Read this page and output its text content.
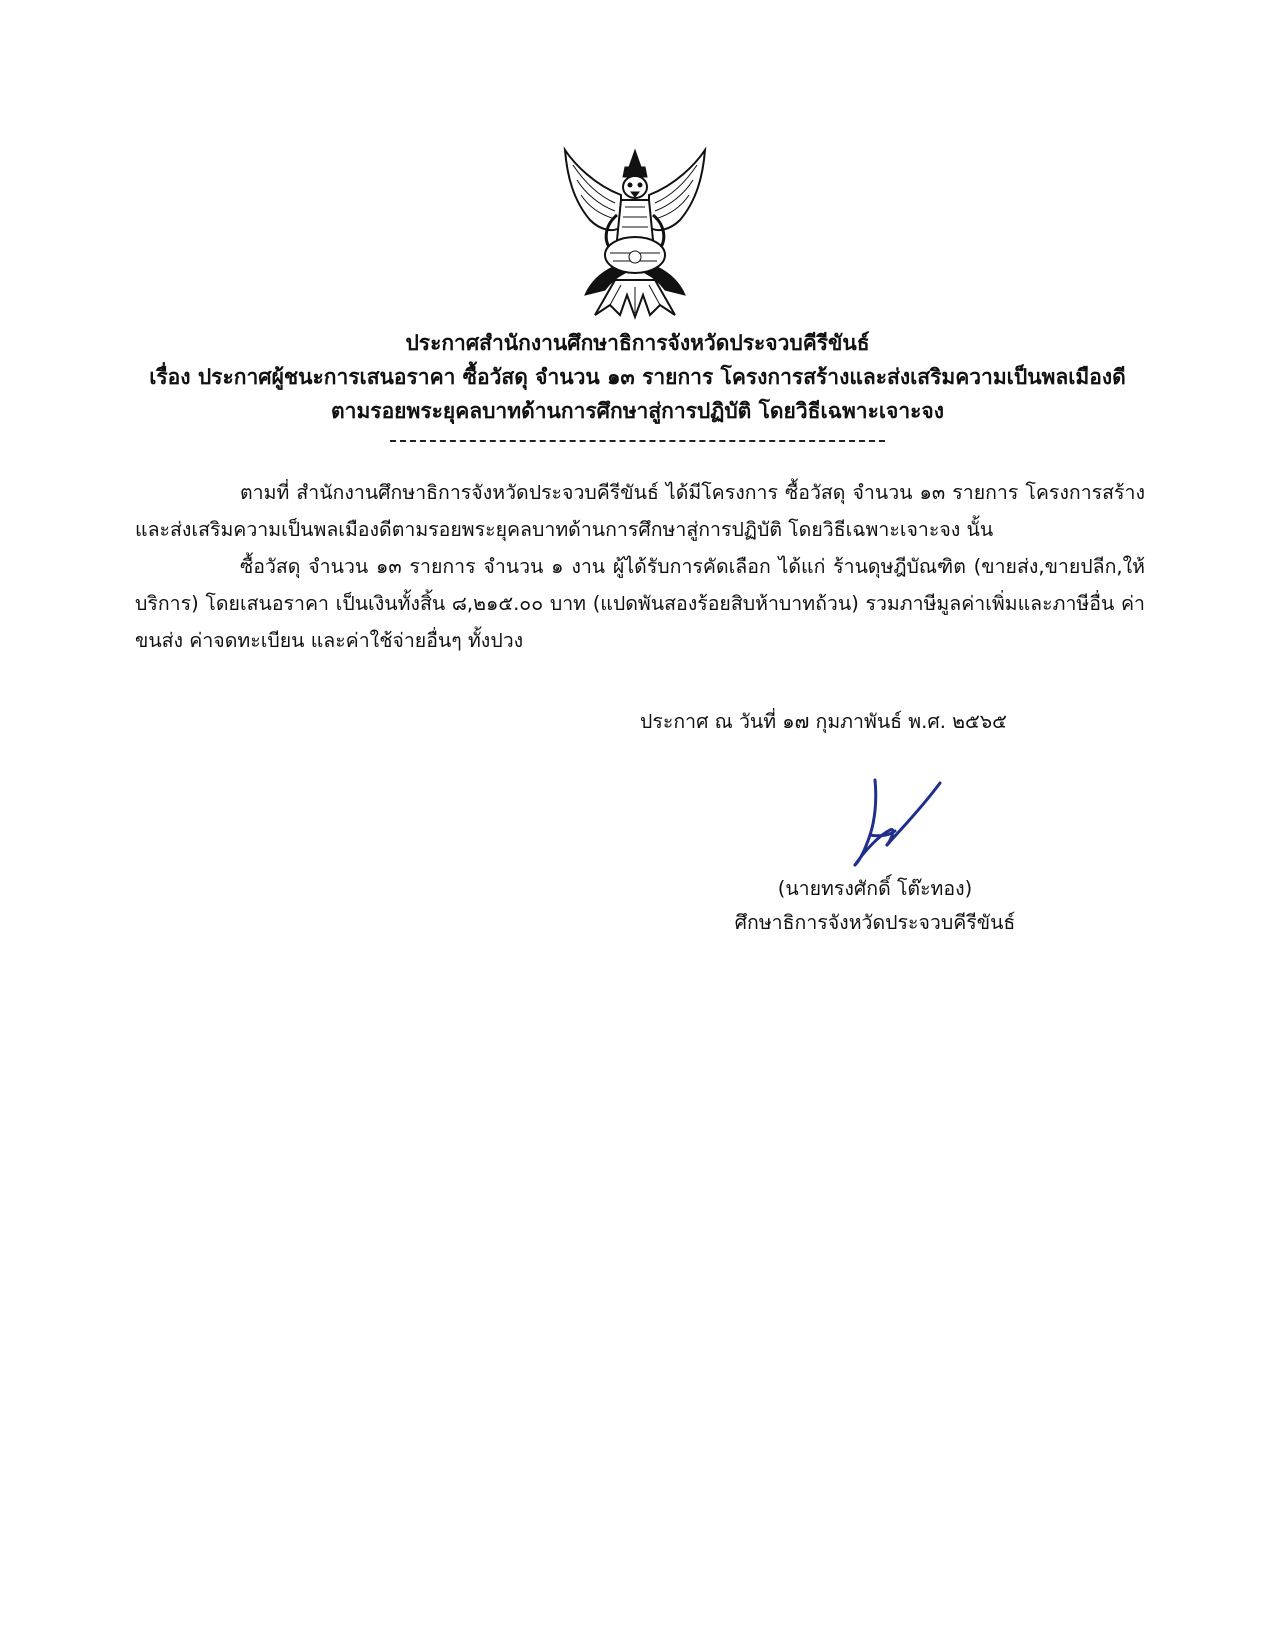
ประกาศสำนักงานศึกษาธิการจังหวัดประจวบคีรีขันธ์
เรื่อง ประกาศผู้ชนะการเสนอราคา ซื้อวัสดุ จำนวน ๑๓ รายการ โครงการสร้างและส่งเสริมความเป็นพลเมืองดี
ตามรอยพระยุคลบาทด้านการศึกษาสู่การปฏิบัติ โดยวิธีเฉพาะเจาะจง
ตามที่ สำนักงานศึกษาธิการจังหวัดประจวบคีรีขันธ์ ได้มีโครงการ ซื้อวัสดุ จำนวน ๑๓ รายการ โครงการสร้างและส่งเสริมความเป็นพลเมืองดีตามรอยพระยุคลบาทด้านการศึกษาสู่การปฏิบัติ โดยวิธีเฉพาะเจาะจง นั้น
ซื้อวัสดุ จำนวน ๑๓ รายการ จำนวน ๑ งาน ผู้ได้รับการคัดเลือก ได้แก่ ร้านดุษฎีบัณฑิต (ขายส่ง,ขายปลีก,ให้บริการ) โดยเสนอราคา เป็นเงินทั้งสิ้น ๘,๒๑๕.๐๐ บาท (แปดพันสองร้อยสิบห้าบาทถ้วน) รวมภาษีมูลค่าเพิ่มและภาษีอื่น ค่าขนส่ง ค่าจดทะเบียน และค่าใช้จ่ายอื่นๆ ทั้งปวง
ประกาศ ณ วันที่ ๑๗ กุมภาพันธ์ พ.ศ. ๒๕๖๕
(นายทรงศักดิ์ โต๊ะทอง)
ศึกษาธิการจังหวัดประจวบคีรีขันธ์
